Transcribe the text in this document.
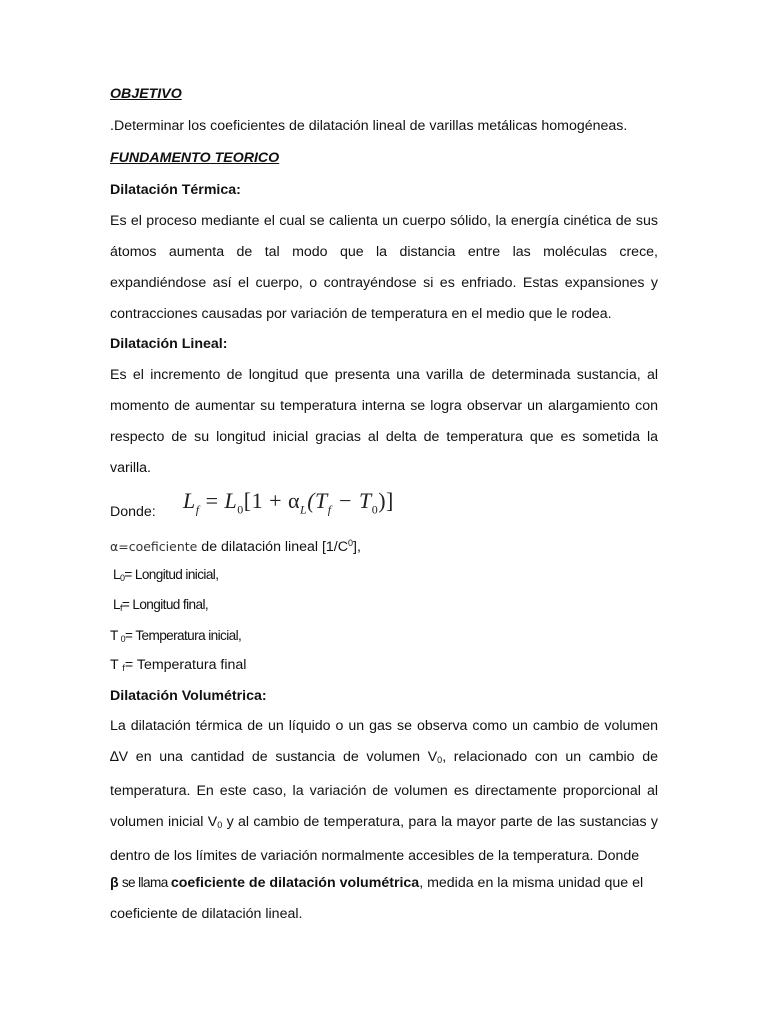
OBJETIVO

.Determinar los coeficientes de dilatación lineal de varillas metálicas homogéneas.

FUNDAMENTO TEORICO

Dilatación Térmica:

Es el proceso mediante el cual se calienta un cuerpo sólido, la energía cinética de sus átomos aumenta de tal modo que la distancia entre las moléculas crece, expandiéndose así el cuerpo, o contrayéndose si es enfriado. Estas expansiones y contracciones causadas por variación de temperatura en el medio que le rodea.

Dilatación Lineal:

Es el incremento de longitud que presenta una varilla de determinada sustancia, al momento de aumentar su temperatura interna se logra observar un alargamiento con respecto de su longitud inicial gracias al delta de temperatura que es sometida la varilla.

$L_f = L_0[1 + \alpha_L(T_f - T_0)]$

Donde:

α=coeficiente de dilatación lineal $[1/C^0]$,

L0= Longitud inicial,

Lf= Longitud final,

T 0= Temperatura inicial,

T f= Temperatura final

Dilatación Volumétrica:

La dilatación térmica de un líquido o un gas se observa como un cambio de volumen ∆V en una cantidad de sustancia de volumen V0, relacionado con un cambio de temperatura. En este caso, la variación de volumen es directamente proporcional al volumen inicial V0 y al cambio de temperatura, para la mayor parte de las sustancias y dentro de los límites de variación normalmente accesibles de la temperatura. Donde

β se llama coeficiente de dilatación volumétrica, medida en la misma unidad que el coeficiente de dilatación lineal.
